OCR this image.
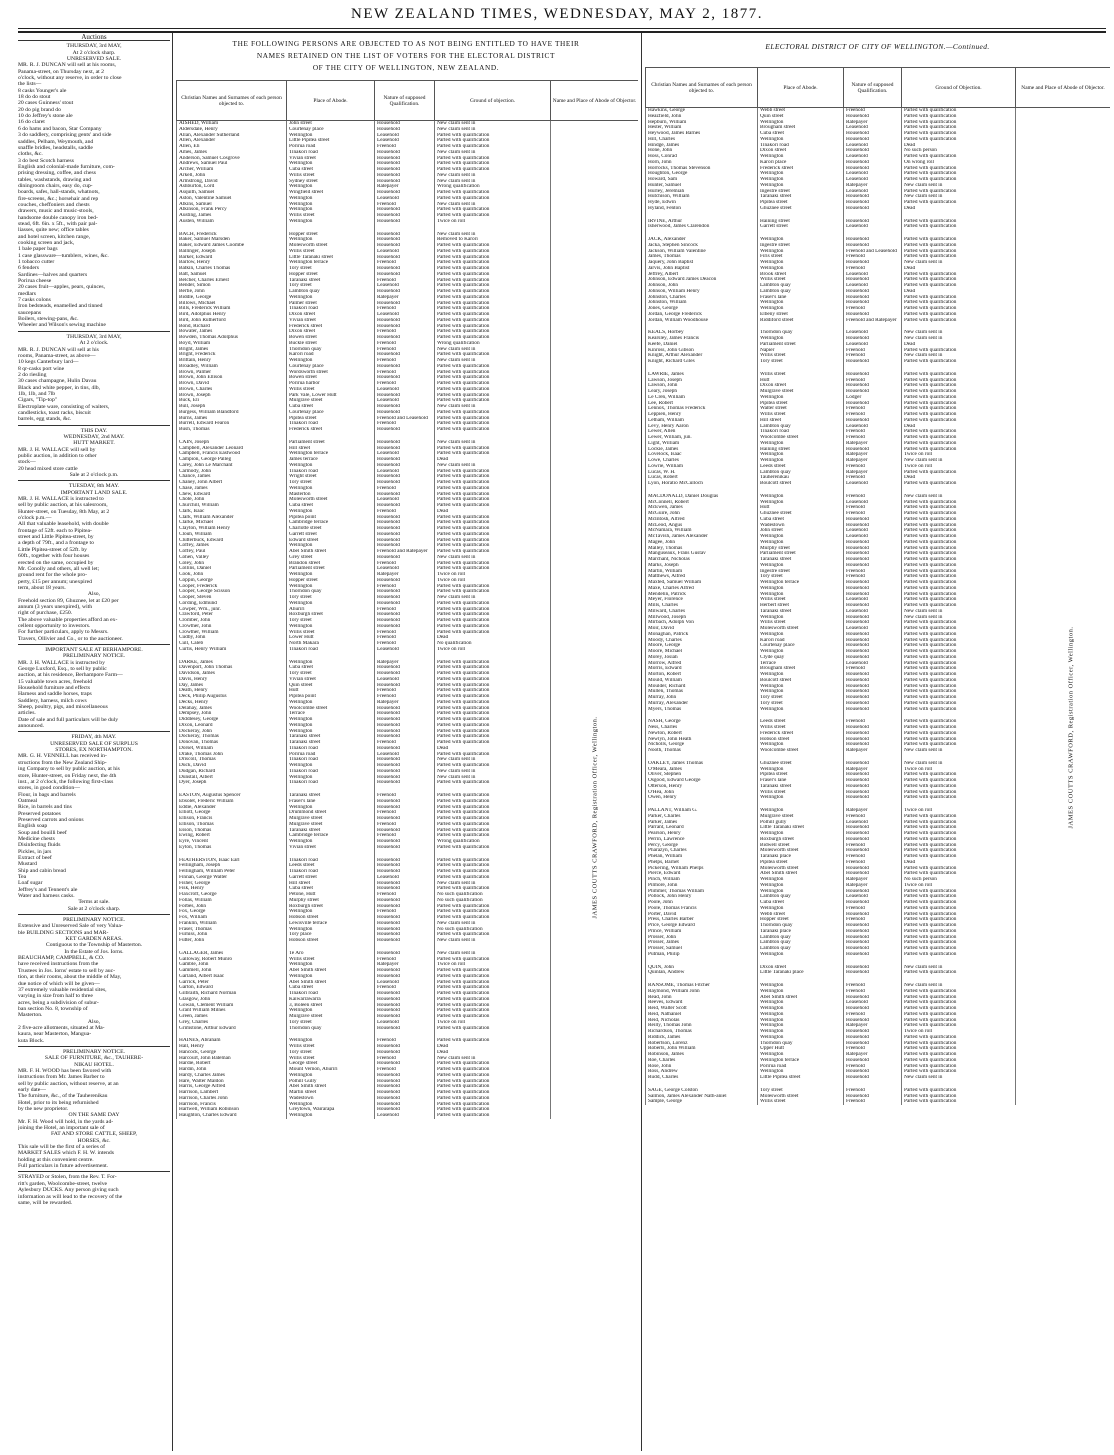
NEW ZEALAND TIMES, WEDNESDAY, MAY 2, 1877.
Auctions
THURSDAY, 3rd MAY,
At 2 o'clock sharp.
UNRESERVED SALE.
MR. R. J. DUNCAN will sell at his rooms,
Panama-street, on Thursday next, at 2
o'clock, without any reserve, in order to close
the lists—
8 casks Younger's ale
18 do do stout
20 cases Guinness' stout
20 do pig brand do
10 do Jeffrey's stone ale
16 do claret
6 do hams and bacon, Star Company
3 do saddlery, comprising gents' and side
saddles, Pelham, Weymouth, and
snaffle bridles, headstalls, saddle
cloths, &c.
3 do best Scotch harness
English and colonial-made furniture, com-
prising dressing, coffee, and chess
tables, washstands, drawing and
diningroom chairs, easy do, cup-
boards, safes, hall-stands, whatnots,
fire-screens, &c.; horsehair and rep
couches, cheffoniers and chests
drawers, music and music-stools,
handsome double canopy iron bed-
stead, 6ft. 6in. x 5ft., with pair pal-
liasses, quite new; office tables
and hotel screen, kitchen range,
cooking screen and jack,
1 bale paper bags
1 case glassware—tumblers, wines, &c.
1 tobacco cutter
6 fenders
Sardines—halves and quarters
Porirua cheese
20 cases fruit—apples, pears, quinces,
medlars
7 casks colons
Iron bedsteads, enamelled and tinned
saucepans
Boilers, stewing-pans, &c.
Wheeler and Wilson's sewing machine
THURSDAY, 3rd MAY,
At 2 o'clock.
MR. R. J. DUNCAN will sell at his
rooms, Panama-street, as above—
10 kegs Canterbury lard—
8 qr-casks port wine
2 do riesling
30 cases champagne, Hulin Davau
Black and white pepper, in tins, 4lb,
1lb, 1lb, and 7lb
Cigars, "Tip-top"
Electroplate ware, consisting of waiters,
candlesticks, toast racks, biscuit
barrels, egg stands, &c.
THIS DAY.
WEDNESDAY, 2nd MAY.
HUTT MARKET.
MR. J. H. WALLACE will sell by
public auction, in addition to other
stock—
20 head mixed store cattle
Sale at 2 o'clock p.m.
TUESDAY, 8th MAY.
IMPORTANT LAND SALE.
MR. J. H. WALLACE is instructed to
sell by public auction, at his salesroom,
Hunter-street, on Tuesday, 8th May, at 2
o'clock p.m.—
All that valuable leasehold, with double
frontage of 52ft. each to Pipitea-
street and Little Pipitea-street, by
a depth of 79ft., and a frontage to
Little Pipitea-street of 52ft. by
60ft., together with four houses
erected on the same, occupied by
Mr. Conolly and others, all well let;
ground rent for the whole pro-
perty, £15 per annum; unexpired
term, about 18 years.
Also,
Freehold section 89, Ghuznee, let at £20 per
annum (3 years unexpired), with
right of purchase, £250.
The above valuable properties afford an ex-
cellent opportunity to investors.
For further particulars, apply to Messrs.
Travers, Ollivier and Co., or to the auctioneer.
IMPORTANT SALE AT BERHAMPORE.
PRELIMINARY NOTICE.
MR. J. H. WALLACE is instructed by
George Luxford, Esq., to sell by public
auction, at his residence, Berhampore Farm—
15 valuable town acres, freehold
Household furniture and effects
Harness and saddle horses, traps
Saddlery, harness, milch cows
Sheep, poultry, pigs, and miscellaneous
articles.
Date of sale and full particulars will be duly
announced.
FRIDAY, 4th MAY.
UNRESERVED SALE OF SURPLUS
STORES, EX NORTHAMPTON.
MR. G. H. VENNELL has received in-
structions from the New Zealand Ship-
ing Company to sell by public auction, at his
store, Hunter-street, on Friday next, the 4th
inst., at 2 o'clock, the following first-class
stores, in good condition—
Flour, in bags and barrels
Oatmeal
Rice, in barrels and tins
Preserved potatoes
Preserved carrots and onions
English soap
Soup and bouilli beef
Medicine chests
Disinfecting fluids
Pickles, in jars
Extract of beef
Mustard
Ship and cabin bread
Tea
Loaf sugar
Jeffrey's and Tennent's ale
Water and harness casks.
Terms at sale.
Sale at 2 o'clock sharp.
PRELIMINARY NOTICE.
Extensive and Unreserved Sale of very Valua-
ble BUILDING SECTIONS and MAR-
KET GARDEN AREAS.
Contiguous to the Township of Masterton.
In the Estate of Jos. Iorns.
BEAUCHAMP, CAMPBELL, & CO.
have received instructions from the
Trustees in Jos. Iorns' estate to sell by auc-
tion, at their rooms, about the middle of May,
due notice of which will be given—
37 extremely valuable residential sites,
varying in size from half to three
acres, being a subdivision of subur-
ban section No. 8, township of
Masterton.
Also,
2 five-acre allotments, situated at Ma-
kaura, near Masterton, Mangua-
kuta Block.
PRELIMINARY NOTICE.
SALE OF FURNITURE, &c., TAUHERE-
NIKAU HOTEL.
MR. F. H. WOOD has been favored with
instructions from Mr. James Barber to
sell by public auction, without reserve, at an
early date—
The furniture, &c., of the Tauherenikau
Hotel, prior to its being refurnished
by the new proprietor.
ON THE SAME DAY
Mr. F. H. Wood will hold, in the yards ad-
joining the Hotel, an important sale of
FAT AND STORE CATTLE, SHEEP,
HORSES, &c.
This sale will be the first of a series of
MARKET SALES which F. H. W. intends
holding at this convenient centre.
Full particulars in future advertisement.
STRAYED or Stolen, from the Rev. T. For-
ritt's garden, Woolcombe-street, twelve
Aylesbury DUCKS. Any person giving such
information as will lead to the recovery of the
same, will be rewarded.
THE FOLLOWING PERSONS ARE OBJECTED TO AS NOT BEING ENTITLED TO HAVE THEIR
NAMES RETAINED ON THE LIST OF VOTERS FOR THE ELECTORAL DISTRICT
OF THE CITY OF WELLINGTON, NEW ZEALAND.
Christian Names and Surnames of each person objected to.	Place of Abode.	Nature of supposed Qualification.	Ground of objection.	Name and Place of Abode of Objector.
AISHED, William	John street	Household	New claim sent in	
Aldersdale, Henry	Courtenay place	Household	New claim sent in	
Allan, Alexander Sutherland	Wellington	Leasehold	Parted with qualification	
Allen, Alexander	Little Pipitea street	Leasehold	Parted with qualification	
Allen, Eli	Porirua road	Freehold	Parted with qualification	
Ames, James	Tinakori road	Household	New claim sent in	
Anderson, Samuel Cosgrove	Vivian street	Household	Parted with qualification	
Andrews, Samuel Paul	Wellington	Household	Parted with qualification	
Archer, William	Cuba street	Household	Parted with qualification	
Arkell, John	Willis street	Household	New claim sent in	
Armstrong, David	Sydney street	Household	New claim sent in	
Ashburton, Lord	Wellington	Ratepayer	Wrong qualification	
Asquith, Samuel	Wingfield street	Household	Parted with qualification	
Aston, Valentine Samuel	Wellington	Leasehold	Parted with qualification	
Atkins, Samuel	Wellington	Freehold	New claim sent in	
Atkinson, Frank Percy	Wellington	Household	Parted with qualification	
Austing, James	Willis street	Household	Parted with qualification	
Austen, William	Wellington	Household	Twice on roll	

BACH, Frederick	Hopper street	Household	New claim sent in	
Baker, Samuel Marsden	Wellington	Household	Removed to Karori	
Baker, Edward James Coombe	Molesworth street	Household	Parted with qualification	
Ballinger, Joseph	Willis street	Leasehold	Parted with qualification	
Barker, Edward	Little Taranaki street	Household	Parted with qualification	
Barlow, Henry	Wellington terrace	Freehold	Parted with qualification	
Batkin, Charles Thomas	Tory street	Household	Parted with qualification	
Batt, Samuel	Hopper street	Household	Parted with qualification	
Belcher, Charles Ernest	Taranaki street	Freehold	Parted with qualification	
Bender, Simon	Tory street	Leasehold	Parted with qualification	
Bertie, John	Lambton quay	Household	Parted with qualification	
Biddle, George	Wellington	Ratepayer	Parted with qualification	
Billows, Michael	Palmer street	Household	Parted with qualification	
Bills, Frederick William	Tinakori road	Freehold	Parted with qualification	
Bird, Adolphus Henry	Dixon street	Leasehold	Parted with qualification	
Bird, John Rutherford	Vivian street	Household	Parted with qualification	
Bond, Richard	Frederick street	Household	Parted with qualification	
Bowater, James	Dixon street	Freehold	Parted with qualification	
Bowden, Thomas Adolphus	Bowen street	Household	Parted with qualification	
Boyd, William	Buckle street	Freehold	Wrong qualification	
Bright, James	Thorndon quay	Freehold	New claim sent in	
Bright, Frederick	Karori road	Household	Parted with qualification	
Brittain, Henry	Wellington	Freehold	New claim sent in	
Broadley, William	Courtenay place	Household	Parted with qualification	
Brown, Palmer	Wordsworth street	Freehold	Parted with qualification	
Brown, John Ellison	Bowen street	Household	Parted with qualification	
Brown, David	Porirua harbor	Freehold	Parted with qualification	
Brown, Charles	Willis street	Leasehold	Parted with qualification	
Brown, Joseph	Park Vale, Lower Hutt	Household	Parted with qualification	
Buck, Eli	Mulgrave street	Leasehold	Parted with qualification	
Bull, Joseph	Cuba street	Household	New claim sent in	
Burgess, William Blandford	Courtenay place	Household	Parted with qualification	
Burns, James	Pipitea street	Freehold and Leasehold	Parted with qualification	
Burrell, Edward Fearon	Tinakori road	Freehold	Parted with qualification	
Bush, Thomas	Frederick street	Household	Parted with qualification	

CAIN, Joseph	Parliament street	Household	New claim sent in	
Campbell, Alexander Leonard	Hill street	Household	Parted with qualification	
Campbell, Francis Eastwood	Wellington terrace	Leasehold	Parted with qualification	
Campion, George Palleg	James terrace	Household	Dead	
Carey, John Le Marchant	Wellington	Household	New claim sent in	
Carmody, John	Tinakori road	Leasehold	Parted with qualification	
Chance, James	Wright street	Household	Parted with qualification	
Chaney, John Albert	Tory street	Household	Parted with qualification	
Chase, James	Wellington	Freehold	Parted with qualification	
Chew, Edward	Masterton	Household	Parted with qualification	
Chote, John	Molesworth street	Leasehold	Parted with qualification	
Churchill, William	Cuba street	Household	Parted with qualification	
Clark, Isaac	Wellington	Freehold	Dead	
Clark, William Alexander	Pipitea point	Household	Parted with qualification	
Clarke, Michael	Cambridge terrace	Household	Parted with qualification	
Clayton, William Henry	Charlotte street	Household	Parted with qualification	
Clouh, William	Garrett street	Household	Parted with qualification	
Clutterbuck, Edward	Edward street	Household	Parted with qualification	
Coffey, James	Wellington	Household	Parted with qualification	
Coffey, Paul	Abel Smith street	Freehold and Ratepayer	Parted with qualification	
Cohen, Valley	Grey street	Household	New claim sent in	
Coley, John	Brandon street	Freehold	Parted with qualification	
Collins, Daniel	Parliament street	Leasehold	Parted with qualification	
Cook, John	Wellington	Ratepayer	Twice on roll	
Coppin, George	Hopper street	Household	Twice on roll	
Cooper, Frederick	Wellington	Freehold	Parted with qualification	
Cooper, George Scisson	Thorndon quay	Household	Parted with qualification	
Cooper, Steven	Tory street	Household	New claim sent in	
Cording, Edmund	Wellington	Household	Parted with qualification	
Cowper, Wm., junr.	Ahuriri	Freehold	Parted with qualification	
Crawford, Peter	Roxburgh street	Household	Parted with qualification	
Cromber, John	Tory street	Household	Parted with qualification	
Crowther, John	Wellington	Household	Parted with qualification	
Crowther, William	Willis street	Freehold	Parted with qualification	
Cudby, John	Lower Hutt	Freehold	Dead	
Cull, Caleb	North Makara	Freehold	No qualification	
Curtis, Henry William	Tinakori road	Leasehold	Twice on roll	

DARKE, James	Wellington	Ratepayer	Parted with qualification	
Davenport, John Thomas	Cuba street	Household	Parted with qualification	
Davidson, James	Tory street	Household	Parted with qualification	
Davis, Henry	Vivian street	Leasehold	Parted with qualification	
Day, James	Quin street	Household	Parted with qualification	
Death, Henry	Hutt	Freehold	Parted with qualification	
Deck, Philip Augustus	Pipitea point	Freehold	Parted with qualification	
Decks, Henry	Wellington	Ratepayer	Parted with qualification	
Delahay, James	Woolcombe street	Household	Parted with qualification	
Dempsey, John	Terrace	Household	Parted with qualification	
Diddlesey, George	Wellington	Household	Parted with qualification	
Dixon, Leonard	Wellington	Household	Parted with qualification	
Dockeray, John	Wellington	Household	Parted with qualification	
Dockeray, Thomas	Taranaki street	Household	Parted with qualification	
Donovan, Thomas	Taranaki street	Freehold	Parted with qualification	
Dorset, William	Tinakori road	Household	Dead	
Drake, Thomas John	Porirua road	Leasehold	Parted with qualification	
Driscoll, Thomas	Tinakori road	Household	New claim sent in	
Duck, David	Wellington	Household	Parted with qualification	
Dudgan, Richard	Tinakori road	Household	New claim sent in	
Dunstall, Albert	Wellington	Household	New claim sent in	
Dyer, Joseph	Tinakori road	Household	Parted with qualification	

EASTON, Augustus Spencer	Taranaki street	Freehold	Parted with qualification	
Ebsolet, Frederic William	Fraser's lane	Household	Parted with qualification	
Eddie, Alexander	Wellington	Household	Parted with qualification	
Elliott, George	Drummond street	Freehold	Parted with qualification	
Ellison, Francis	Mulgrave street	Household	Parted with qualification	
Ellison, Thomas	Mulgrave street	Freehold	Parted with qualification	
Esson, Thomas	Taranaki street	Household	Parted with qualification	
Ewing, Robert	Cambridge terrace	Freehold	Parted with qualification	
Eyre, Vincent	Wellington	Household	Wrong qualification	
Eyton, Thomas	Vivian street	Household	Parted with qualification	

FEATHERSTON, Isaac Earl	Tinakori road	Household	Parted with qualification	
Fellingham, Joseph	Leeds street	Household	Parted with qualification	
Fellingham, William Peter	Tinakori road	Household	Parted with qualification	
Finnan, George Walter	Garrett street	Leasehold	Parted with qualification	
Fisher, George	Hill street	Household	New claim sent in	
Fisk, Henry	Cuba street	Household	Parted with qualification	
Flaxcroft, George	Petone, Hutt	Freehold	No such qualification	
Follas, William	Murphy street	Household	No such qualification	
Forbes, John	Roxburgh street	Household	Parted with qualification	
Fox, George	Wellington	Freehold	Parted with qualification	
Fox, William	Hobson street	Household	Parted with qualification	
Franklin, William	Lewisville terrace	Household	New claim sent in	
Fraser, Thomas	Wellington	Household	No such qualification	
Furniss, John	Tory place	Household	Parted with qualification	
Futter, John	Hobson street	Household	New claim sent in	

GALLAGER, James	Te Aro	Household	New claim sent in	
Galloway, Robert Munro	Willis street	Freehold	Parted with qualification	
Gamble, John	Wellington	Ratepayer	Twice on roll	
Gammell, John	Abel Smith street	Household	Parted with qualification	
Garland, Albert Isaac	Wellington	Household	Parted with qualification	
Garrick, Peter	Abel Smith street	Leasehold	Parted with qualification	
Garton, Edward	Cuba street	Freehold	Parted with qualification	
Gilbraith, Richard Norman	Tinakori road	Household	Parted with qualification	
Glasgow, John	Kaiwarrawarra	Household	Parted with qualification	
Gowan, Clement William	3, Boleen street	Household	Parted with qualification	
Grant William Milnes	Wellington	Household	Parted with qualification	
Green, James	Mulgrave street	Household	Parted with qualification	
Grey, Charles	Tory street	Leasehold	Twice on roll	
Grimstone, Arthur Edward	Thorndon quay	Household	Parted with qualification	

HAINES, Abraham	Wellington	Freehold	Parted with qualification	
Hall, Henry	Willis street	Household	Dead	
Hancock, George	Tory street	Household	Dead	
Harcourt, John Bateman	Willis street	Freehold	New claim sent in	
Hardie, Robert	George street	Household	Parted with qualification	
Hardin, John	Mount Vernon, Ahuriri	Freehold	Parted with qualification	
Hardy, Charles James	Wellington	Household	Parted with qualification	
Hare, Walter Maldon	Polhill Gully	Household	Parted with qualification	
Harris, George Alfred	Abel Smith street	Household	Parted with qualification	
Harrison, Lambert	Martin street	Household	Parted with qualification	
Harrison, Charles John	Wadestown	Household	Parted with qualification	
Harrison, Francis	Wellington	Household	Parted with qualification	
Hartwell, William Robinson	Greytown, Wairarapa	Household	Parted with qualification	
Haughton, Charles Edward	Wellington	Leasehold	Parted with qualification	
JAMES COUTTS CRAWFORD, Registration Officer, Wellington.
ELECTORAL DISTRICT OF CITY OF WELLINGTON.—Continued.
Christian Names and Surnames of each person objected to.	Place of Abode.	Nature of supposed Qualification.	Ground of Objection.	Name and Place of Abode of Objector.
Hawkins, George	Webb street	Freehold	Parted with qualification	
Heazfield, John	Quin street	Household	Parted with qualification	
Hepburn, William	Wellington	Ratepayer	Parted with qualification	
Hester, William	Brougham street	Leasehold	Parted with qualification	
Heywood, James Barnes	Cuba street	Household	Parted with qualification	
Hill, Charles	Wellington	Household	Parted with qualification	
Hindge, James	Tinakori road	Leasehold	Dead	
Hone, John	Dixon street	Household	No such person	
Hoss, Conrad	Wellington	Leasehold	Parted with qualification	
Horn, John	Karori place	Household	On wrong roll	
Horrocks, Thomas Stevenson	Frederick street	Household	Parted with qualification	
Houghton, George	Wellington	Leasehold	Parted with qualification	
Howard, Sam	Wellington	Leasehold	Parted with qualification	
Hunter, Samuel	Wellington	Ratepayer	New claim sent in	
Hurley, Jeremiah	Ingestre street	Leasehold	Parted with qualification	
Hutchison, William	Taranaki street	Household	New claim sent in	
Hyde, Edwin	Pipitea street	Household	Parted with qualification	
Hyland, Fenton	Ghuznee street	Household	Dead	

IRVINE, Arthur	Haining street	Household	Parted with qualification	
Isherwood, James Clarendon	Garrett street	Leasehold	Parted with qualification	

JACK, Alexander	Wellington	Household	Parted with qualification	
Jacka, Stephen Sincock	Ingestre street	Household	Parted with qualification	
Jackson, William Valentine	Wellington	Freehold and Leasehold	Parted with qualification	
James, Thomas	Firis street	Freehold	Parted with qualification	
Jaquery, John Baptist	Wellington	Household	New claim sent in	
Jarvis, John Baptist	Wellington	Freehold	Dead	
Jeffrey, Albert	Brook street	Leasehold	Parted with qualification	
Johnson, Edward James Deacon	Willis street	Household	Parted with qualification	
Johnson, John	Lambton quay	Leasehold	Parted with qualification	
Johnson, William Henry	Lambton quay	Household	Dead	
Johnston, Charles	Fraser's lane	Household	Parted with qualification	
Johnston, William	Wellington	Household	Parted with qualification	
Jones, George	Wellington	Freehold	Parted with qualification	
Jordan, George Frederick	Elbeny street	Household	Parted with qualification	
Jordan, William Woodhouse	Riddiford street	Freehold and Ratepayer	Parted with qualification	

KEALS, Horbey	Thorndon quay	Leasehold	New claim sent in	
Kearsley, James Francis	Wellington	Household	New claim sent in	
Keefe, Daniel	Parliament street	Leasehold	Dead	
Kinross, John Gibson	Napier	Freehold	Parted with qualification	
Knight, Arthur Alexander	Willis street	Freehold	New claim sent in	
Knight, Richard Giles	Tory street	Household	Parted with qualification	

LAWRIE, James	Willis street	Household	Parted with qualification	
Lawson, Joseph	Hutt	Freehold	Parted with qualification	
Lawson, John	Dixon street	Household	Parted with qualification	
Leary, Joseph	Mulgrave street	Household	Parted with qualification	
Le Cren, William	Wellington	Lodger	Parted with qualification	
Lee, Robert	Pipitea street	Household	Parted with qualification	
Lennox, Thomas Frederick	Walter street	Freehold	Parted with qualification	
Leppien, Henry	Willis street	Freehold	Parted with qualification	
Letham, William	Hill street	Household	Parted with qualification	
Levy, Henry Aaron	Lambton quay	Leasehold	Dead	
Lewer, Allen	Tinakori road	Freehold	Parted with qualification	
Lewer, William, jun.	Woolcombe street	Freehold	Parted with qualification	
Light, William	Wellington	Ratepayer	Parted with qualification	
Lockie, James	Haining street	Household	Parted with qualification	
Lovelock, Isaac	Wellington	Ratepayer	Twice on roll	
Lowe, Charles	Wellington	Ratepayer	New claim sent in	
Lowrie, William	Leeds street	Freehold	Twice on roll	
Lucas, W. H.	Lambton quay	Ratepayer	Parted with qualification	
Lucas, Robert	Tauherenikau	Freehold	Dead	
Lyon, Horatio McCulloch	Boulcott street	Leasehold	Parted with qualification	

MACDONALD, Daniel Douglas	Wellington	Freehold	New claim sent in	
McConnell, Robert	Wellington	Leasehold	Parted with qualification	
McEwen, James	Hutt	Freehold	Parted with qualification	
McGuire, John	Ghuznee street	Freehold	Parted with qualification	
McIntosh, Alfred	Cuba street	Household	Parted with qualification	
McLeod, Angus	Wadestown	Household	Parted with qualification	
McNamara, William	John street	Leasehold	Parted with qualification	
McTavish, James Alexander	Wellington	Leasehold	Parted with qualification	
Magee, John	Wellington	Household	Parted with qualification	
Malley, Thomas	Murphy street	Household	Parted with qualification	
Manguseaux, Frans Gustav	Parliament street	Household	Parted with qualification	
Marchant, Nicholas	Taranaki street	Household	Parted with qualification	
Marks, Joseph	Wellington	Household	Parted with qualification	
Martin, William	Ingestre street	Freehold	Parted with qualification	
Matthews, Alfred	Tory street	Freehold	Parted with qualification	
Maxted, Samuel William	Wellington terrace	Household	Parted with qualification	
Maxe, Charles Alfred	Wellington	Household	Parted with qualification	
Mendelin, Patrick	Wellington	Household	Parted with qualification	
Meyer, Florence	Willis street	Leasehold	Parted with qualification	
Mills, Charles	Herbert street	Household	Parted with qualification	
Milward, Charles	Taranaki street	Leasehold	New claim sent in	
Millwood, Joseph	Wellington	Household	New claim sent in	
Mirbach, Adolph Von	Willis street	Household	Parted with qualification	
Moir, David	Molesworth street	Leasehold	Parted with qualification	
Monaghan, Patrick	Wellington	Household	Parted with qualification	
Moody, Charles	Karori road	Household	Parted with qualification	
Moore, George	Courtenay place	Household	Parted with qualification	
Moore, Michael	Wellington	Household	Parted with qualification	
Morey, Josiah	Clyde quay	Household	Parted with qualification	
Morrow, Alfred	Terrace	Leasehold	Parted with qualification	
Morris, Edward	Brougham street	Freehold	Parted with qualification	
Morton, Robert	Wellington	Household	Parted with qualification	
Mould, William	Boulcott street	Household	Parted with qualification	
Moulder, Richard	Wellington	Household	Parted with qualification	
Mullen, Thomas	Wellington	Household	Parted with qualification	
Murray, John	Tory street	Household	Parted with qualification	
Murray, Alexander	Tory street	Household	Parted with qualification	
Myers, Thomas	Wellington	Household	Parted with qualification	

NASH, George	Leeds street	Freehold	Parted with qualification	
Ness, Charles	Willis street	Household	Parted with qualification	
Newton, Robert	Frederick street	Household	Parted with qualification	
Newlyn, John Heath	Hobson street	Household	Parted with qualification	
Nicholls, George	Wellington	Household	Parted with qualification	
Nooth, Thomas	Woolcombe street	Ratepayer	New claim sent in	

OAKLEY, James Thomas	Ghuznee street	Household	New claim sent in	
O'Meara, James	Wellington	Ratepayer	Twice on roll	
Oliver, Stephen	Pipitea street	Household	Parted with qualification	
Osgood, Edward George	Fraser's lane	Household	Parted with qualification	
Otterson, Henry	Taranaki street	Household	Parted with qualification	
O'Hea, John	Willis street	Household	Parted with qualification	
Owen, Henry	Wellington	Household	Parted with qualification	

PALLANT, William G.	Wellington	Ratepayer	Twice on roll	
Parker, Charles	Mulgrave street	Freehold	Parted with qualification	
Parker, James	Polhill gully	Leasehold	Parted with qualification	
Parrant, Leonard	Little Taranaki street	Household	Parted with qualification	
Pearson, Henry	Wellington	Household	Parted with qualification	
Perrin, Lawrence	Roxburgh street	Household	Parted with qualification	
Percy, George	Bidwell street	Freehold	Parted with qualification	
Pharazyn, Charles	Molesworth street	Household	Parted with qualification	
Phelan, William	Taranaki place	Freehold	Parted with qualification	
Phelps, Barnet	Pipitea street	Freehold	Dead	
Pickering, William Phelps	Molesworth street	Household	Parted with qualification	
Pierce, Edward	Abel Smith street	Household	Parted with qualification	
Pinch, William	Wellington	Ratepayer	No such person	
Pilmore, John	Wellington	Ratepayer	Twice on roll	
Plimmer, Thomas William	Wellington	Household	Parted with qualification	
Pollock, John Henry	Lambton quay	Leasehold	Parted with qualification	
Poole, John	Cuba street	Household	Parted with qualification	
Poole, Thomas Francis	Wellington	Freehold	Parted with qualification	
Porter, David	Webb street	Household	Parted with qualification	
Press, Charles Barber	Hopper street	Freehold	Parted with qualification	
Price, George Edward	Thorndon quay	Household	Parted with qualification	
Prince, William	Taranaki place	Household	Parted with qualification	
Prosser, John	Lambton quay	Household	Parted with qualification	
Prosser, James	Lambton quay	Household	Parted with qualification	
Prosser, Samuel	Lambton quay	Household	Parted with qualification	
Putman, Philip	Wellington	Household	Parted with qualification	

QUIN, John	Dixon street	Household	New claim sent in	
Quinlan, Andrew	Little Taranaki place	Household	Parted with qualification	

RANSOME, Thomas Fitcher	Wellington	Freehold	New claim sent in	
Raymond, William John	Wellington	Freehold	Parted with qualification	
Read, John	Abel Smith street	Household	Parted with qualification	
Reeves, Edward	Wellington	Leasehold	Parted with qualification	
Reid, Walter Scott	Wellington	Household	Parted with qualification	
Reid, Nathaniel	Wellington	Freehold	Parted with qualification	
Reid, Nicholas	Wellington	Household	Parted with qualification	
Reilly, Thomas John	Wellington	Ratepayer	Parted with qualification	
Richardson, Thomas	Wellington	Household	Twice on roll	
Riddick, James	Wellington	Household	Parted with qualification	
Robertson, Lorenz	Thorndon quay	Household	Parted with qualification	
Roberts, John William	Upper Hutt	Freehold	Parted with qualification	
Robinson, James	Wellington	Ratepayer	Parted with qualification	
Roe, Charles	Wellington terrace	Household	Parted with qualification	
Rose, John	Porirua road	Freehold	Parted with qualification	
Ross, Andrew	Wellington	Household	Parted with qualification	
Rudd, Charles	Little Pipitea street	Household	New claim sent in	

SAGE, George Colston	Tory street	Freehold	Parted with qualification	
Salmon, James Alexander Nath-aniel	Molesworth street	Household	Parted with qualification	
Sample, George	Willis street	Freehold	Parted with qualification	
JAMES COUTTS CRAWFORD, Registration Officer, Wellington.
